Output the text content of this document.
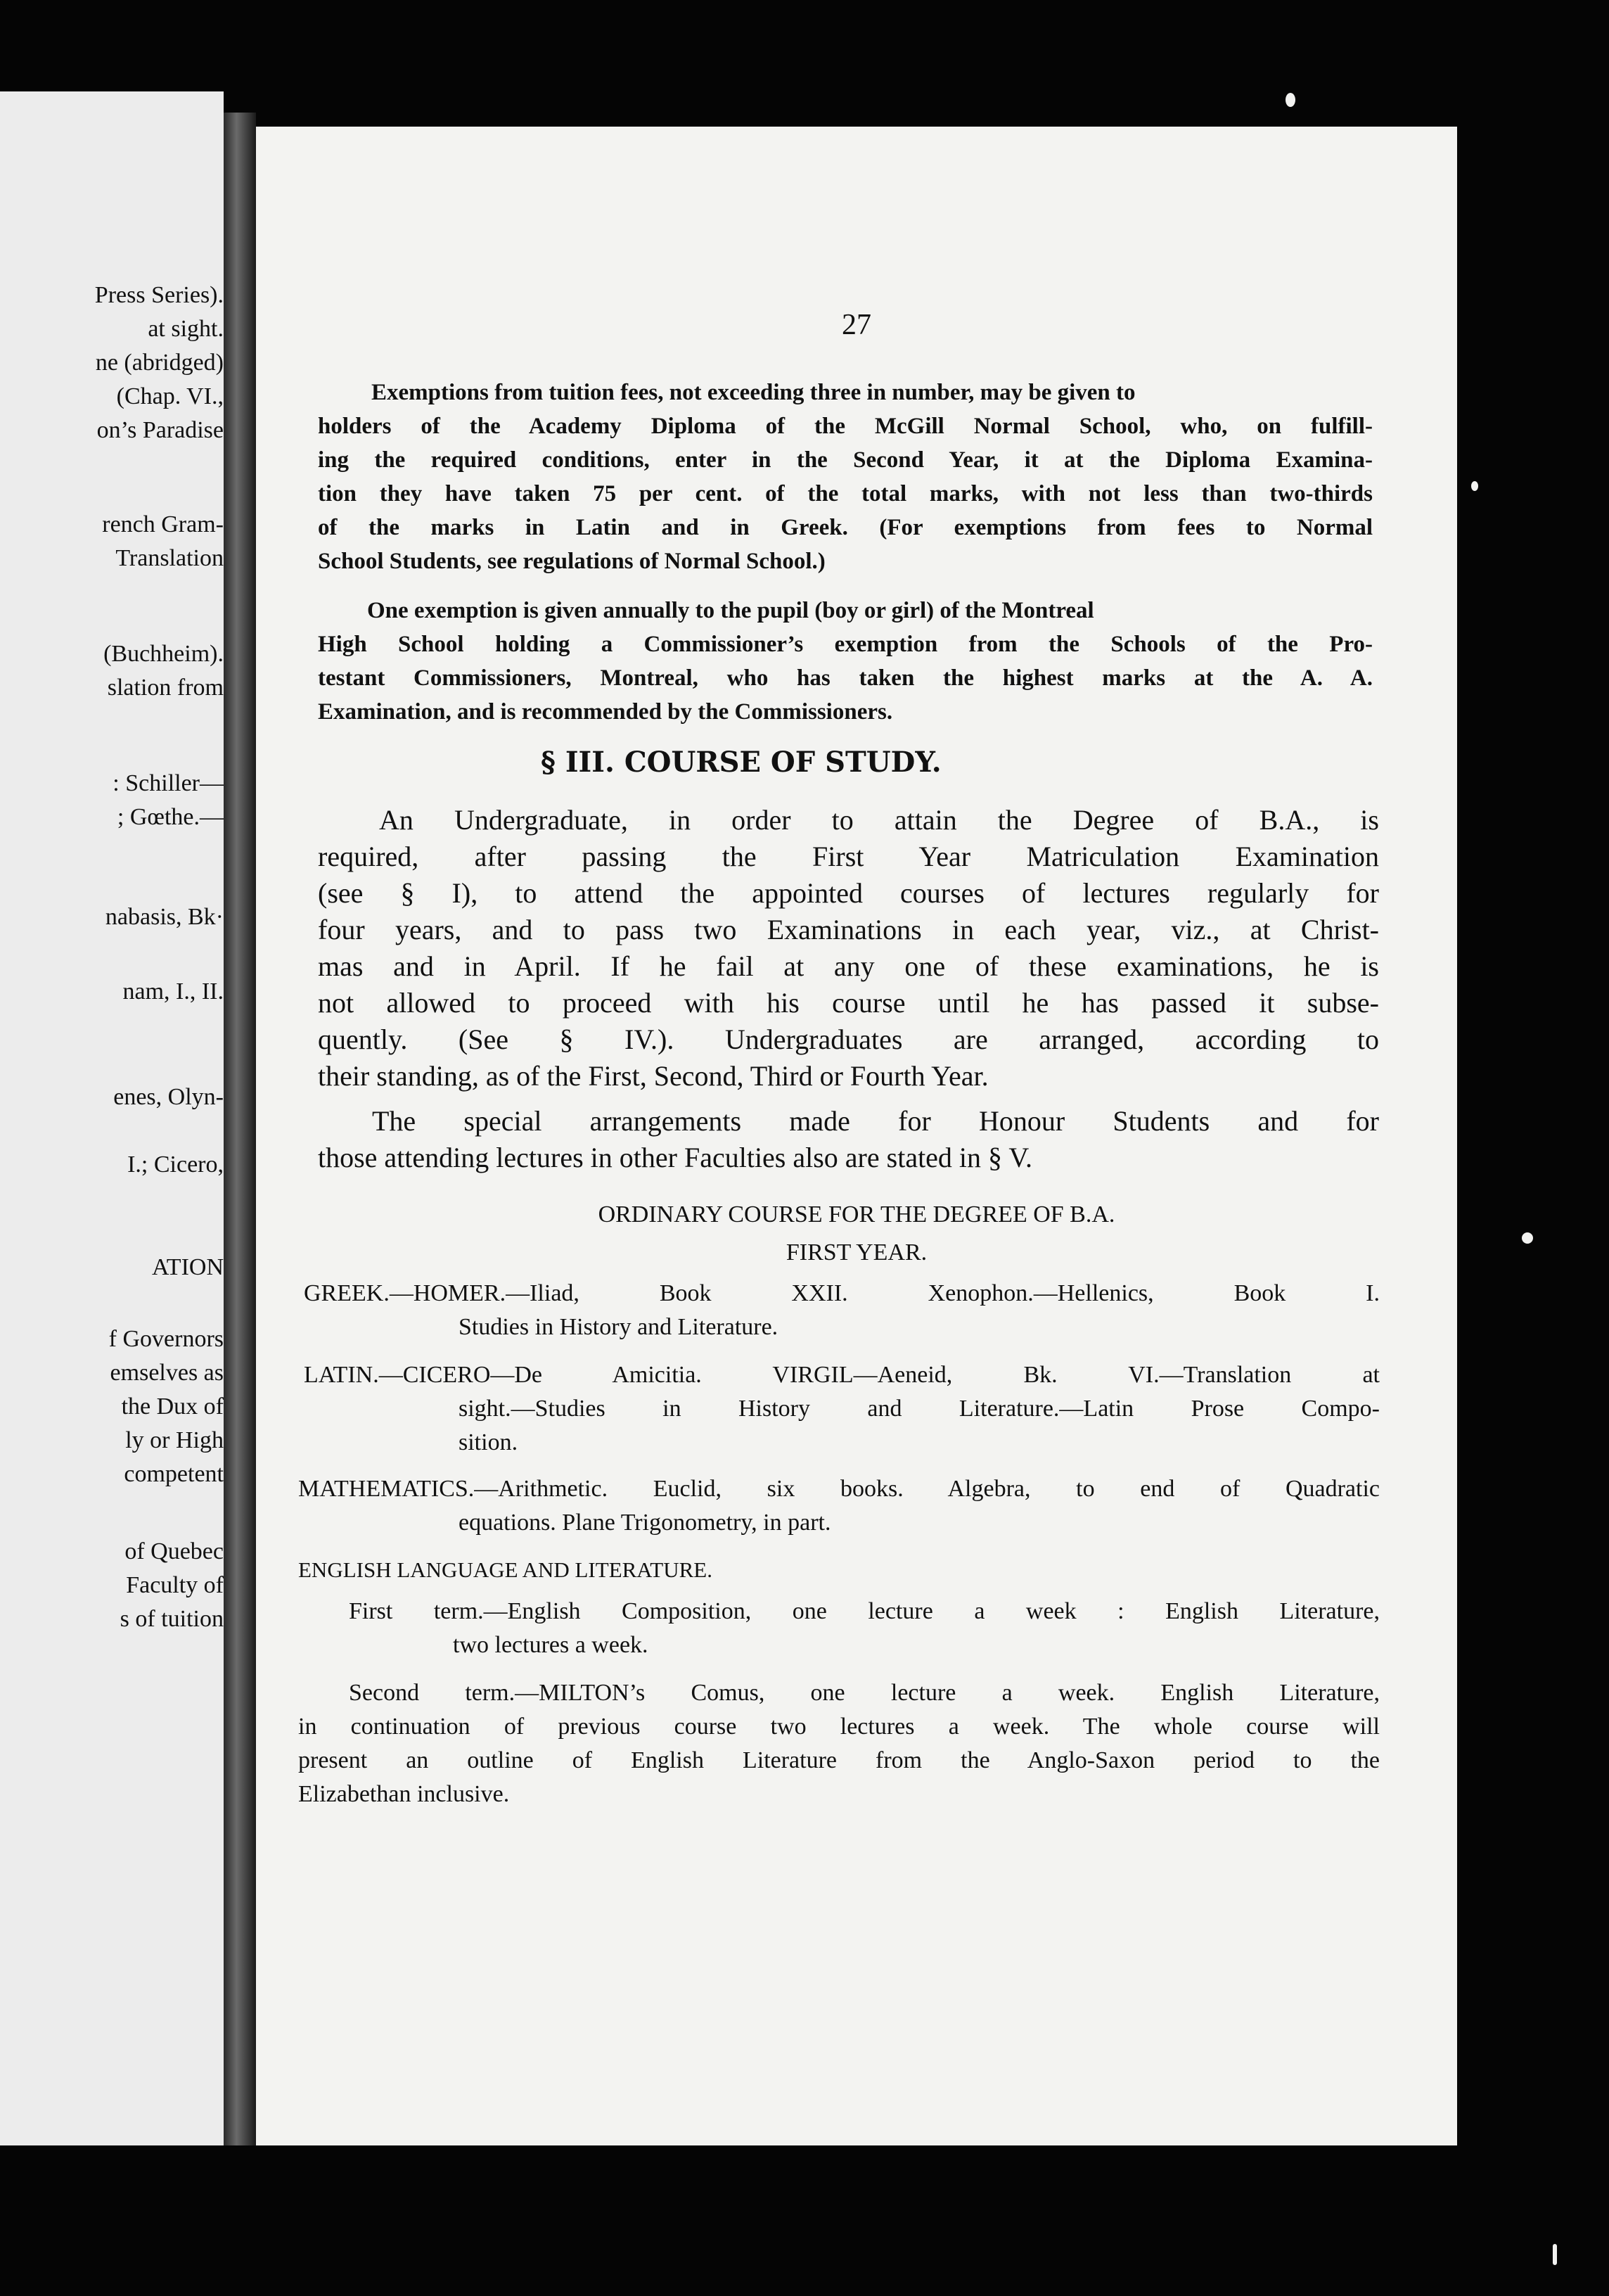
Press Series).
at sight.
ne (abridged)
(Chap. VI.,
on’s Paradise
rench Gram-
Translation
(Buchheim).
slation from
: Schiller—
; Gœthe.—
nabasis, Bk·
nam, I., II.
enes, Olyn-
I.; Cicero,
ATION
f Governors
emselves as
the Dux of
ly or High
competent
of Quebec
Faculty of
s of tuition
27
Exemptions from tuition fees, not exceeding three in number, may be given to
holders of the Academy Diploma of the McGill Normal School, who, on fulfill-
ing the required conditions, enter in the Second Year, it at the Diploma Examina-
tion they have taken 75 per cent. of the total marks, with not less than two-thirds
of the marks in Latin and in Greek. (For exemptions from fees to Normal
School Students, see regulations of Normal School.)
One exemption is given annually to the pupil (boy or girl) of the Montreal
High School holding a Commissioner’s exemption from the Schools of the Pro-
testant Commissioners, Montreal, who has taken the highest marks at the A. A.
Examination, and is recommended by the Commissioners.
§ III. COURSE OF STUDY.
An Undergraduate, in order to attain the Degree of B.A., is
required, after passing the First Year Matriculation Examination
(see § I), to attend the appointed courses of lectures regularly for
four years, and to pass two Examinations in each year, viz., at Christ-
mas and in April. If he fail at any one of these examinations, he is
not allowed to proceed with his course until he has passed it subse-
quently. (See § IV.). Undergraduates are arranged, according to
their standing, as of the First, Second, Third or Fourth Year.
The special arrangements made for Honour Students and for
those attending lectures in other Faculties also are stated in § V.
ORDINARY COURSE FOR THE DEGREE OF B.A.
FIRST YEAR.
GREEK.—HOMER.—Iliad, Book XXII. Xenophon.—Hellenics, Book I.
Studies in History and Literature.
LATIN.—CICERO—De Amicitia. VIRGIL—Aeneid, Bk. VI.—Translation at
sight.—Studies in History and Literature.—Latin Prose Compo-
sition.
MATHEMATICS.—Arithmetic. Euclid, six books. Algebra, to end of Quadratic
equations. Plane Trigonometry, in part.
ENGLISH LANGUAGE AND LITERATURE.
First term.—English Composition, one lecture a week : English Literature,
two lectures a week.
Second term.—MILTON’s Comus, one lecture a week. English Literature,
in continuation of previous course two lectures a week. The whole course will
present an outline of English Literature from the Anglo-Saxon period to the
Elizabethan inclusive.
